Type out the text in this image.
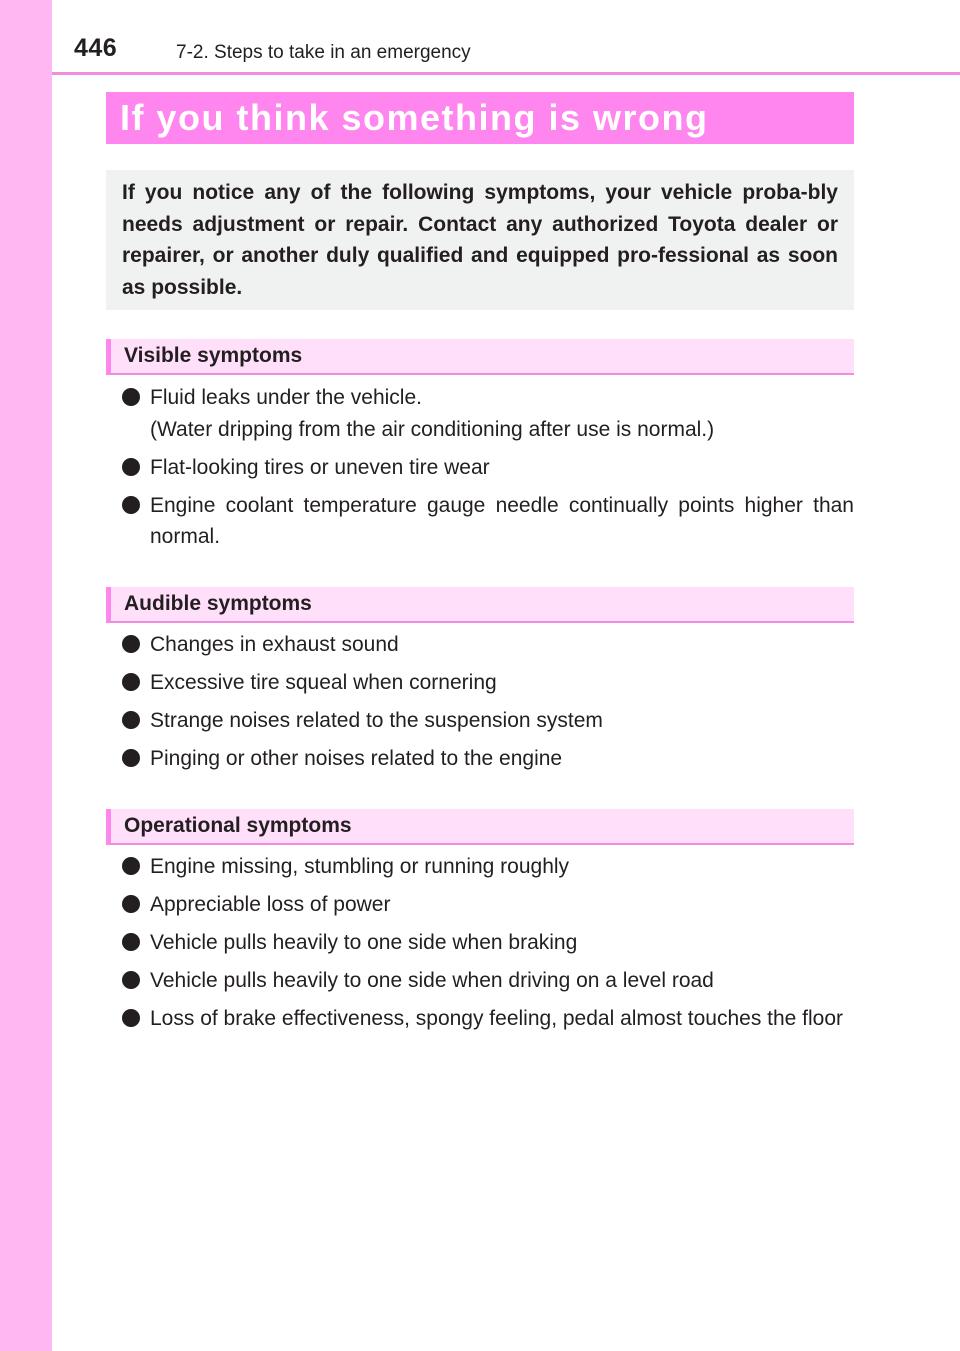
446	7-2. Steps to take in an emergency
If you think something is wrong

If you notice any of the following symptoms, your vehicle proba-bly needs adjustment or repair. Contact any authorized Toyota dealer or repairer, or another duly qualified and equipped pro-fessional as soon as possible.

Visible symptoms
Fluid leaks under the vehicle.
(Water dripping from the air conditioning after use is normal.)
Flat-looking tires or uneven tire wear
Engine coolant temperature gauge needle continually points higher than normal.
Audible symptoms
Changes in exhaust sound
Excessive tire squeal when cornering
Strange noises related to the suspension system
Pinging or other noises related to the engine
Operational symptoms
Engine missing, stumbling or running roughly
Appreciable loss of power
Vehicle pulls heavily to one side when braking
Vehicle pulls heavily to one side when driving on a level road
Loss of brake effectiveness, spongy feeling, pedal almost touches the floor
